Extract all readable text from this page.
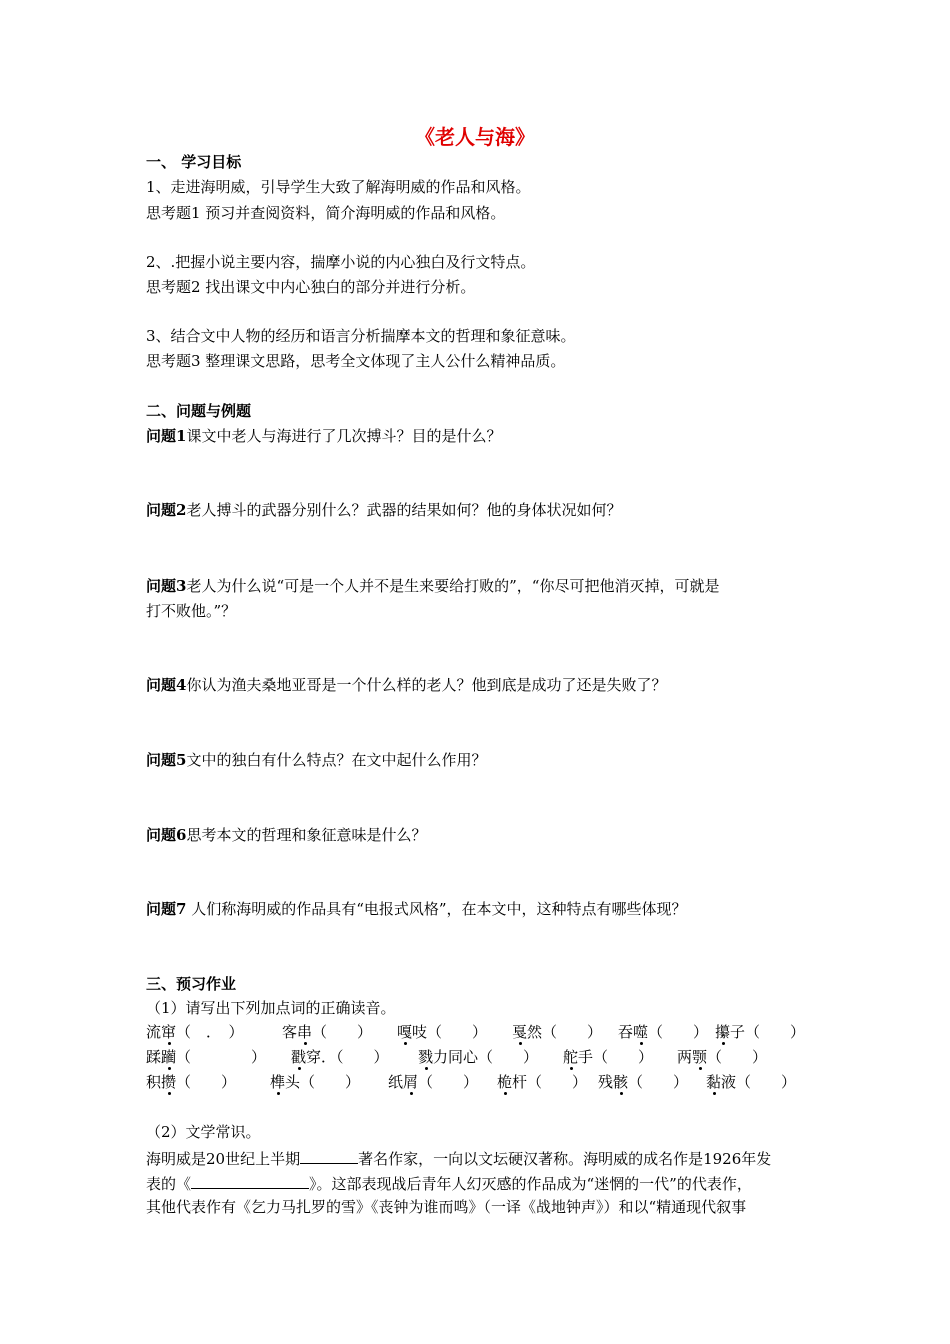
《老人与海》
一、 学习目标
1、走进海明威，引导学生大致了解海明威的作品和风格。
思考题1 预习并查阅资料，简介海明威的作品和风格。
2、.把握小说主要内容，揣摩小说的内心独白及行文特点。
思考题2 找出课文中内心独白的部分并进行分析。
3、结合文中人物的经历和语言分析揣摩本文的哲理和象征意味。
思考题3 整理课文思路，思考全文体现了主人公什么精神品质。
二、问题与例题
问题1课文中老人与海进行了几次搏斗？目的是什么？
问题2老人搏斗的武器分别什么？武器的结果如何？他的身体状况如何？
问题3老人为什么说“可是一个人并不是生来要给打败的”，“你尽可把他消灭掉，可就是
打不败他。”？
问题4你认为渔夫桑地亚哥是一个什么样的老人？他到底是成功了还是失败了？
问题5文中的独白有什么特点？在文中起什么作用？
问题6思考本文的哲理和象征意味是什么？
问题7 人们称海明威的作品具有“电报式风格”，在本文中，这种特点有哪些体现？
三、预习作业
（1）请写出下列加点词的正确读音。
流窜（　．　）	客串（　　） 嘎吱（　　） 戛然（　　） 吞噬（　　） 攥子（　　）
蹂躏（　　　　） 戳穿．（　　） 戮力同心（　　） 舵手（　　） 两颚（　　）
积攒（　　） 榫头（　　） 纸屑（　　） 桅杆（　　） 残骸（　　） 黏液（　　）
（2）文学常识。
海明威是20世纪上半期	著名作家，一向以文坛硬汉著称。海明威的成名作是1926年发
表的《	》。这部表现战后青年人幻灭感的作品成为“迷惘的一代”的代表作，
其他代表作有《乞力马扎罗的雪》《丧钟为谁而鸣》（一译《战地钟声》）和以“精通现代叙事
